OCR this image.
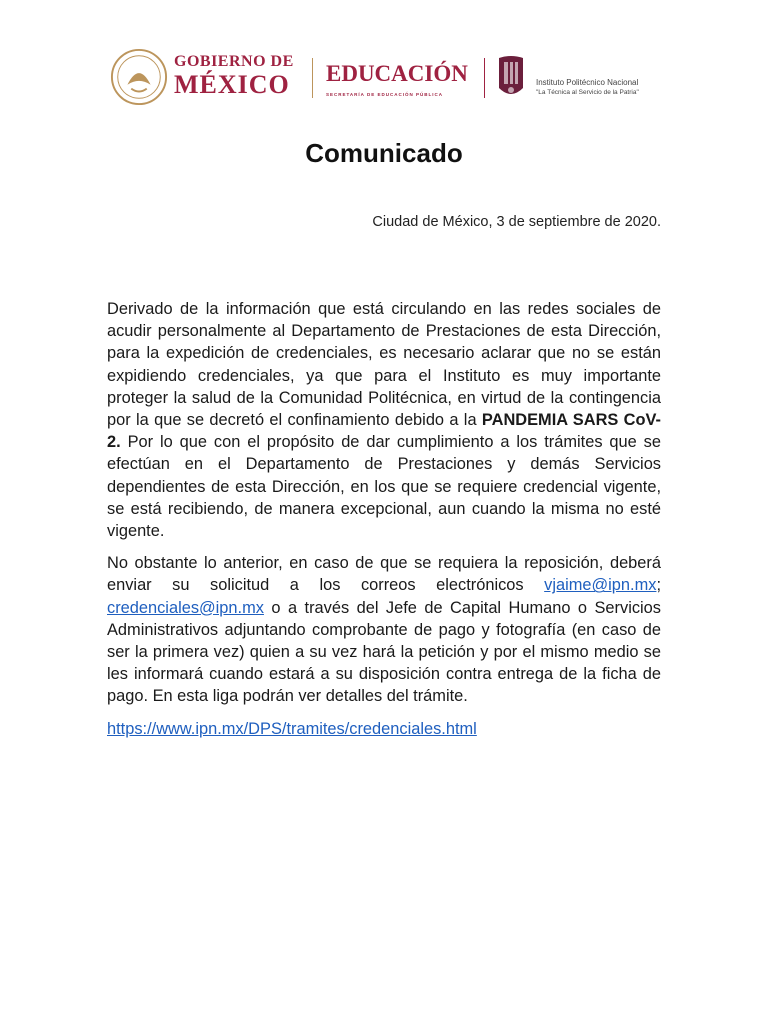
GOBIERNO DE
MÉXICO EDUCACIÓN
SECRETARÍA DE EDUCACIÓN PÚBLICA
Instituto Politécnico Nacional
"La Técnica al Servicio de la Patria"
Comunicado
Ciudad de México, 3 de septiembre de 2020.

Derivado de la información que está circulando en las redes sociales de acudir personalmente al Departamento de Prestaciones de esta Dirección, para la expedición de credenciales, es necesario aclarar que no se están expidiendo credenciales, ya que para el Instituto es muy importante proteger la salud de la Comunidad Politécnica, en virtud de la contingencia por la que se decretó el confinamiento debido a la PANDEMIA SARS CoV-2. Por lo que con el propósito de dar cumplimiento a los trámites que se efectúan en el Departamento de Prestaciones y demás Servicios dependientes de esta Dirección, en los que se requiere credencial vigente, se está recibiendo, de manera excepcional, aun cuando la misma no esté vigente.

No obstante lo anterior, en caso de que se requiera la reposición, deberá enviar su solicitud a los correos electrónicos vjaime@ipn.mx; credenciales@ipn.mx o a través del Jefe de Capital Humano o Servicios Administrativos adjuntando comprobante de pago y fotografía (en caso de ser la primera vez) quien a su vez hará la petición y por el mismo medio se les informará cuando estará a su disposición contra entrega de la ficha de pago. En esta liga podrán ver detalles del trámite.

https://www.ipn.mx/DPS/tramites/credenciales.html
